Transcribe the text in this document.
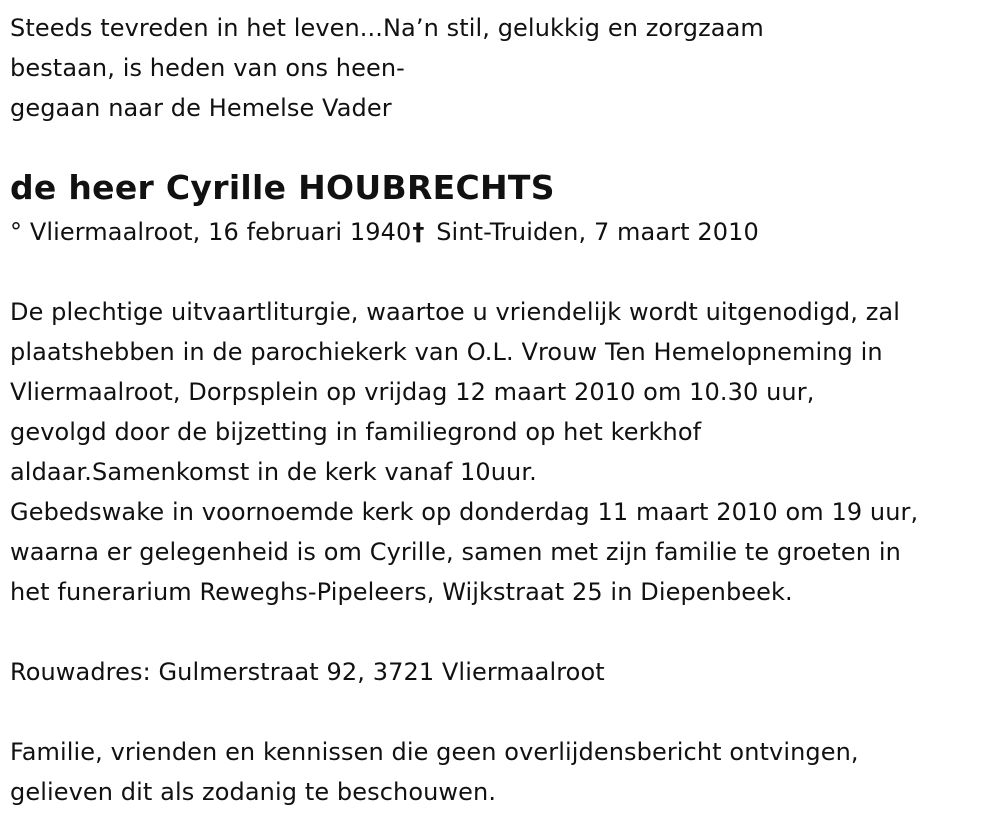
Steeds tevreden in het leven...Na’n stil, gelukkig en zorgzaam
bestaan, is heden van ons heen-
gegaan naar de Hemelse Vader
de heer Cyrille HOUBRECHTS
° Vliermaalroot, 16 februari 1940† Sint-Truiden, 7 maart 2010
De plechtige uitvaartliturgie, waartoe u vriendelijk wordt uitgenodigd, zal
plaatshebben in de parochiekerk van O.L. Vrouw Ten Hemelopneming in
Vliermaalroot, Dorpsplein op vrijdag 12 maart 2010 om 10.30 uur,
gevolgd door de bijzetting in familiegrond op het kerkhof
aldaar.Samenkomst in de kerk vanaf 10uur.
Gebedswake in voornoemde kerk op donderdag 11 maart 2010 om 19 uur,
waarna er gelegenheid is om Cyrille, samen met zijn familie te groeten in
het funerarium Reweghs-Pipeleers, Wijkstraat 25 in Diepenbeek.
Rouwadres: Gulmerstraat 92, 3721 Vliermaalroot
Familie, vrienden en kennissen die geen overlijdensbericht ontvingen,
gelieven dit als zodanig te beschouwen.
